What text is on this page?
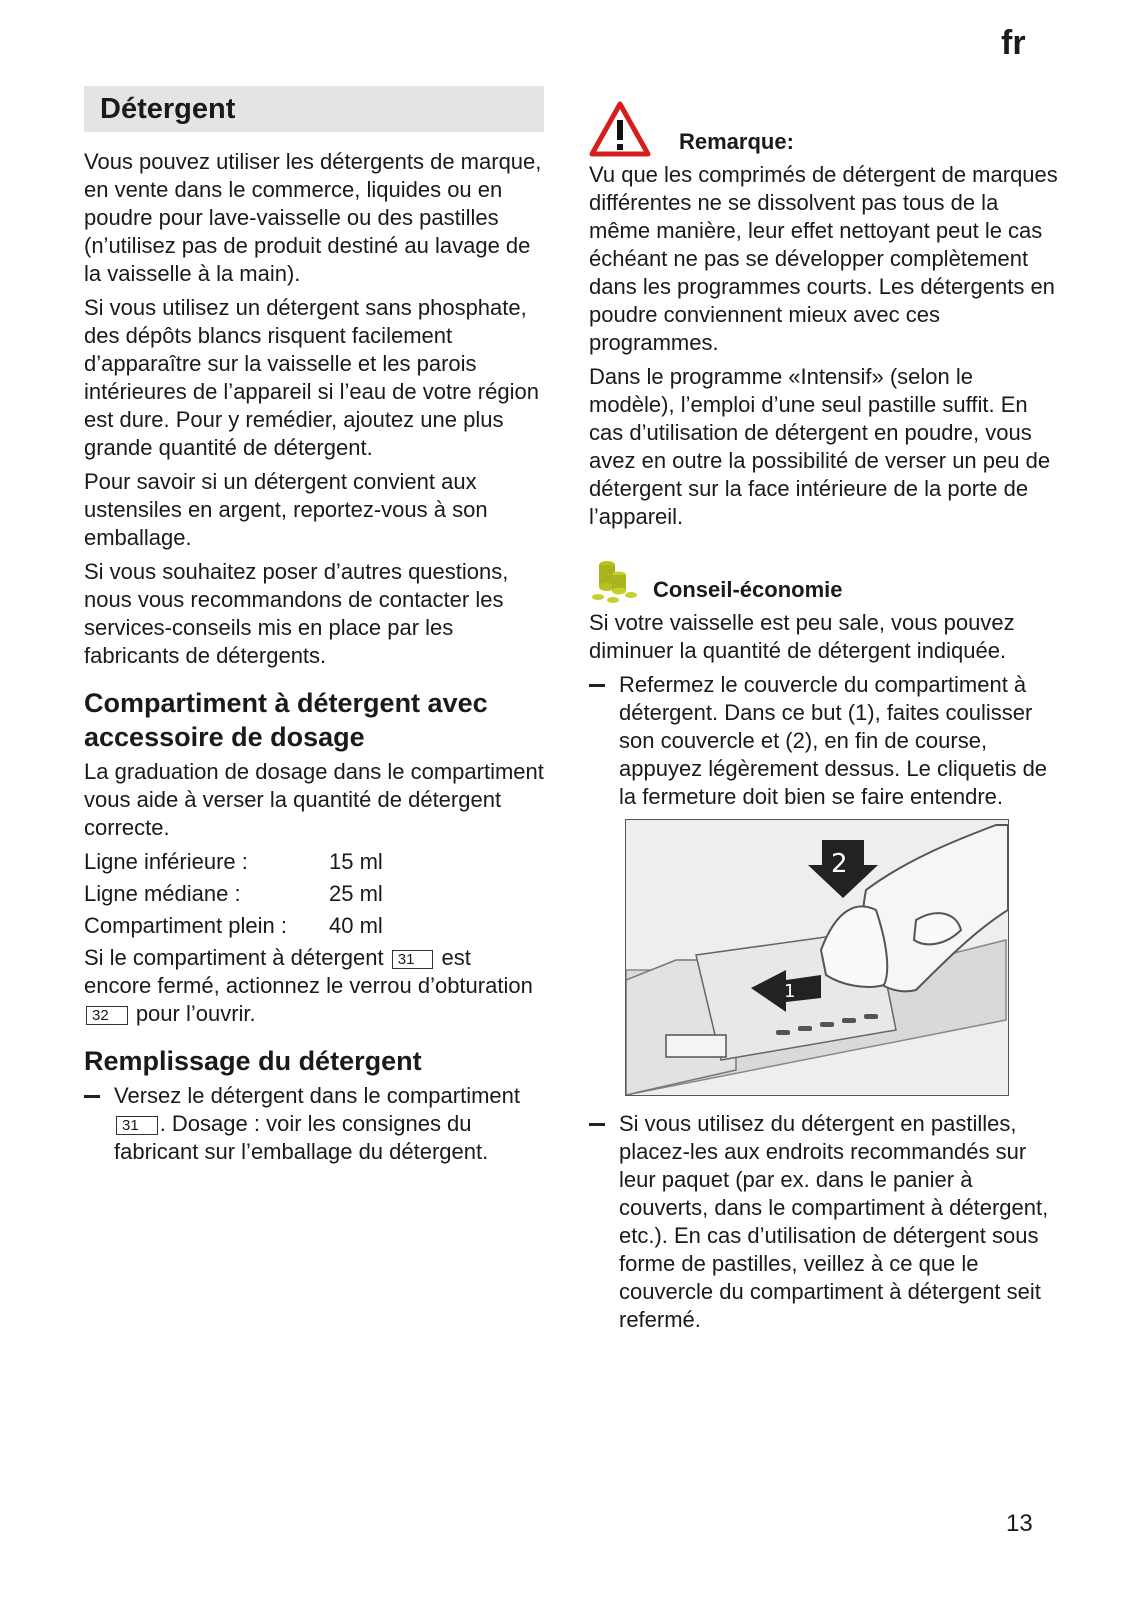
fr
Détergent

Vous pouvez utiliser les détergents de marque, en vente dans le commerce, liquides ou en poudre pour lave-vaisselle ou des pastilles (n’utilisez pas de produit destiné au lavage de la vaisselle à la main).

Si vous utilisez un détergent sans phosphate, des dépôts blancs risquent facilement d’apparaître sur la vaisselle et les parois intérieures de l’appareil si l’eau de votre région est dure. Pour y remédier, ajoutez une plus grande quantité de détergent.

Pour savoir si un détergent convient aux ustensiles en argent, reportez-vous à son emballage.

Si vous souhaitez poser d’autres questions, nous vous recommandons de contacter les services-conseils mis en place par les fabricants de détergents.

Compartiment à détergent avec accessoire de dosage

La graduation de dosage dans le compartiment vous aide à verser la quantité de détergent correcte.

Ligne inférieure :	15 ml
Ligne médiane :	25 ml
Compartiment plein :	40 ml

Si le compartiment à détergent 31 est encore fermé, actionnez le verrou d’obturation 32 pour l’ouvrir.

Remplissage du détergent
Versez le détergent dans le compartiment 31 . Dosage : voir les consignes du fabricant sur l’emballage du détergent.
Remarque:

Vu que les comprimés de détergent de marques différentes ne se dissolvent pas tous de la même manière, leur effet nettoyant peut le cas échéant ne pas se développer complètement dans les programmes courts. Les détergents en poudre conviennent mieux avec ces programmes.

Dans le programme «Intensif» (selon le modèle), l’emploi d’une seul pastille suffit. En cas d’utilisation de détergent en poudre, vous avez en outre la possibilité de verser un peu de détergent sur la face intérieure de la porte de l’appareil.

Conseil-économie

Si votre vaisselle est peu sale, vous pouvez diminuer la quantité de détergent indiquée.

Refermez le couvercle du compartiment à détergent. Dans ce but (1), faites coulisser son couvercle et (2), en fin de course, appuyez légèrement dessus. Le cliquetis de la fermeture doit bien se faire entendre.
1
2
Si vous utilisez du détergent en pastilles, placez-les aux endroits recommandés sur leur paquet (par ex. dans le panier à couverts, dans le compartiment à détergent, etc.). En cas d’utilisation de détergent sous forme de pastilles, veillez à ce que le couvercle du compartiment à détergent seit refermé.
13
